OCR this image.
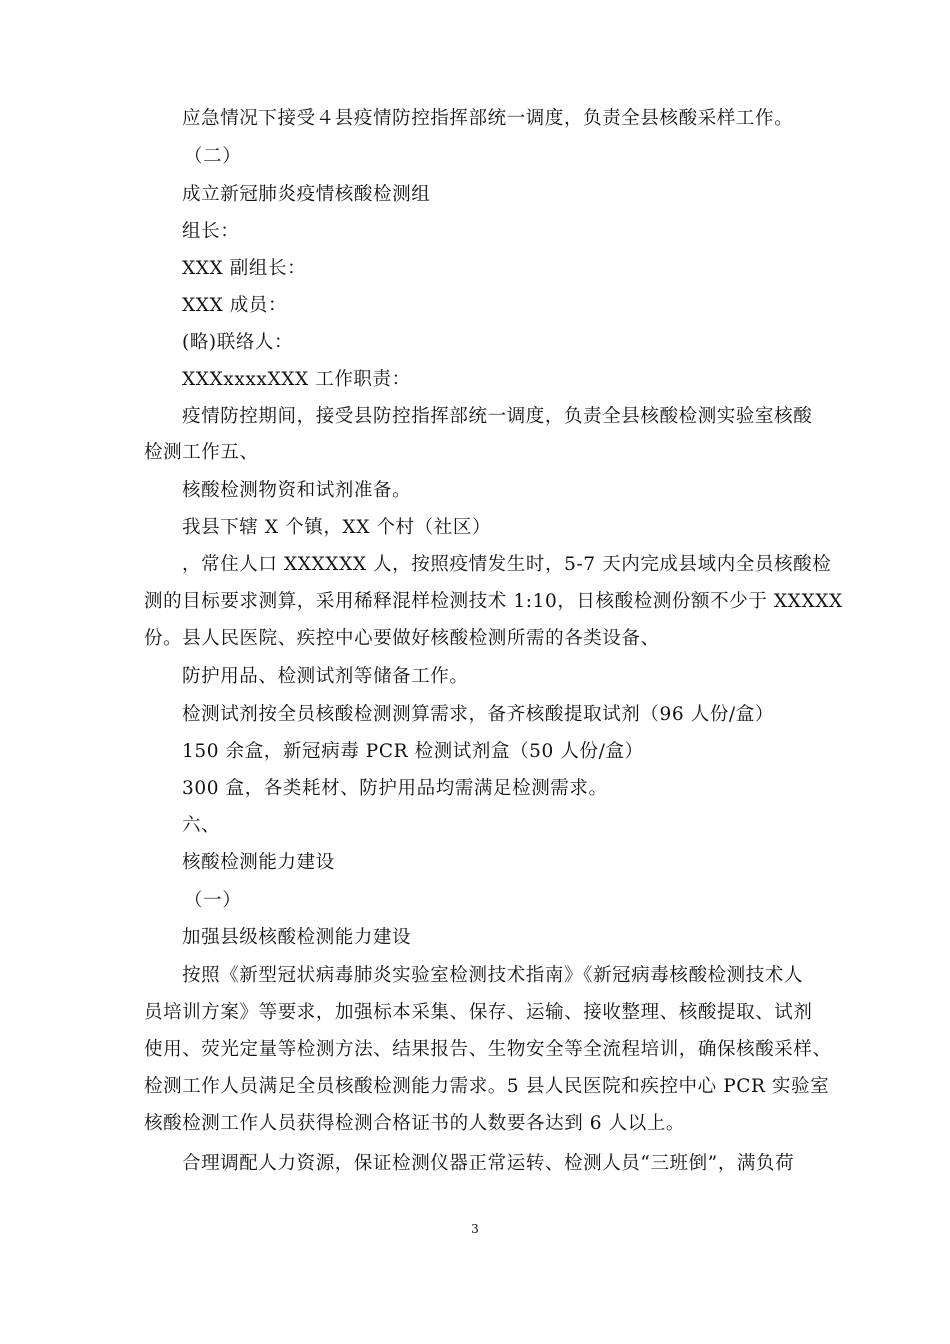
应急情况下接受４县疫情防控指挥部统一调度，负责全县核酸采样工作。
（二）
成立新冠肺炎疫情核酸检测组
组长：
XXX 副组长：
XXX 成员：
(略)联络人：
XXXxxxxXXX 工作职责：
疫情防控期间，接受县防控指挥部统一调度，负责全县核酸检测实验室核酸
检测工作五、
核酸检测物资和试剂准备。
我县下辖 X 个镇，XX 个村（社区）
，常住人口 XXXXXX 人，按照疫情发生时，5-7 天内完成县域内全员核酸检
测的目标要求测算，采用稀释混样检测技术 1:10，日核酸检测份额不少于 XXXXX
份。县人民医院、疾控中心要做好核酸检测所需的各类设备、
防护用品、检测试剂等储备工作。
检测试剂按全员核酸检测测算需求，备齐核酸提取试剂（96 人份/盒）
150 余盒，新冠病毒 PCR 检测试剂盒（50 人份/盒）
300 盒，各类耗材、防护用品均需满足检测需求。
六、
核酸检测能力建设
（一）
加强县级核酸检测能力建设
按照《新型冠状病毒肺炎实验室检测技术指南》《新冠病毒核酸检测技术人
员培训方案》等要求，加强标本采集、保存、运输、接收整理、核酸提取、试剂
使用、荧光定量等检测方法、结果报告、生物安全等全流程培训，确保核酸采样、
检测工作人员满足全员核酸检测能力需求。5 县人民医院和疾控中心 PCR 实验室
核酸检测工作人员获得检测合格证书的人数要各达到 6 人以上。
合理调配人力资源，保证检测仪器正常运转、检测人员“三班倒”，满负荷
3
